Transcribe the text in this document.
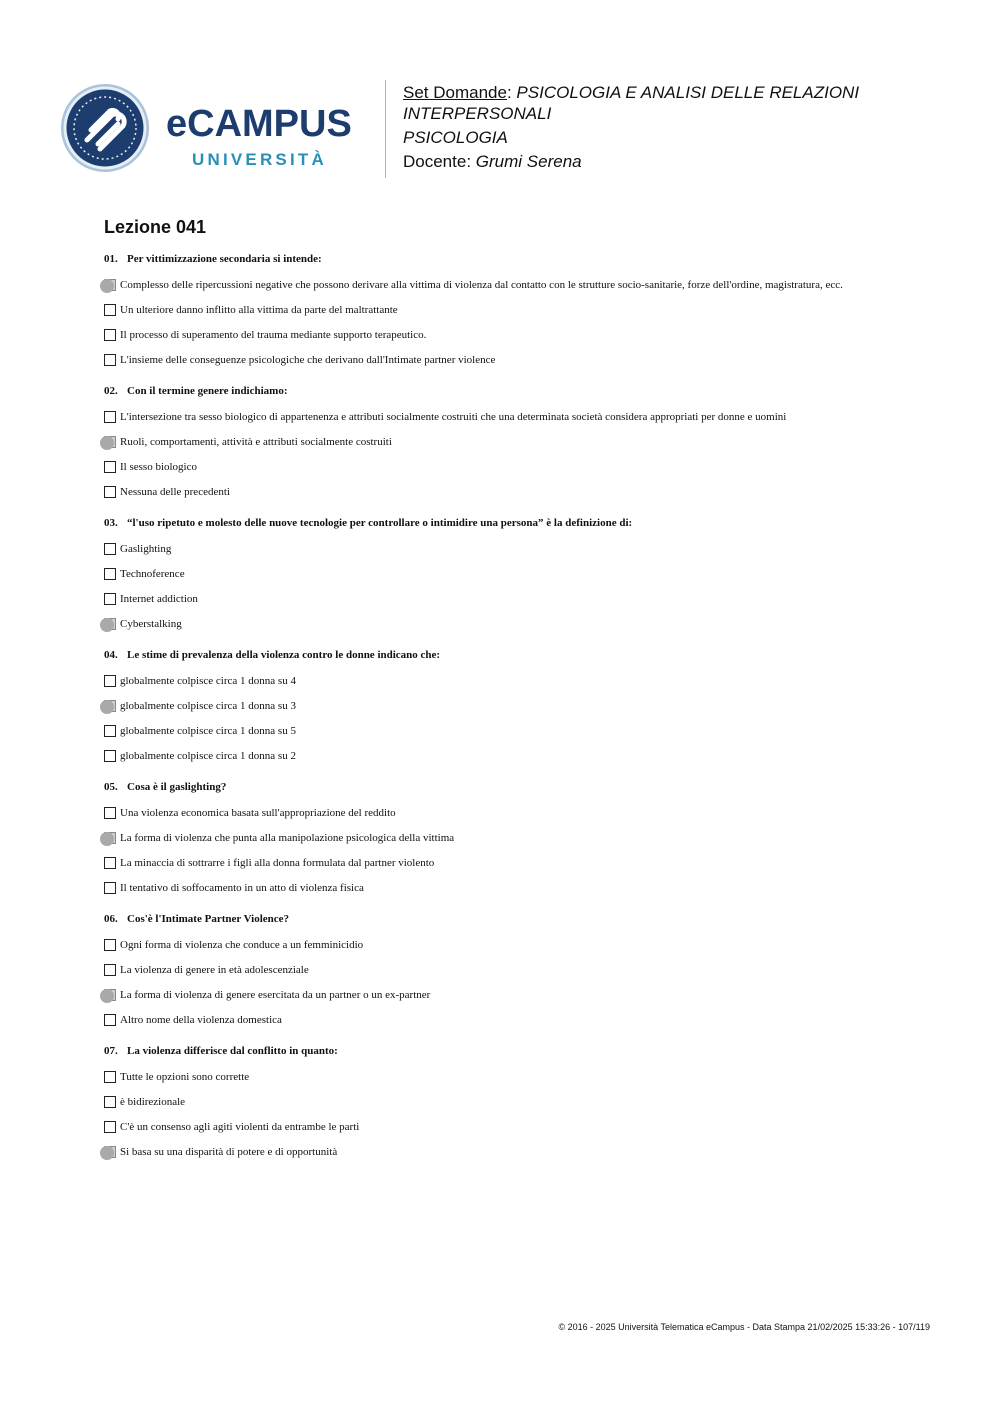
eCAMPUS
UNIVERSITÀ
Set Domande: PSICOLOGIA E ANALISI DELLE RELAZIONI
INTERPERSONALI
PSICOLOGIA
Docente: Grumi Serena
Lezione 041
01. Per vittimizzazione secondaria si intende:
Complesso delle ripercussioni negative che possono derivare alla vittima di violenza dal contatto con le strutture socio-sanitarie, forze dell'ordine, magistratura, ecc.
Un ulteriore danno inflitto alla vittima da parte del maltrattante
Il processo di superamento del trauma mediante supporto terapeutico.
L'insieme delle conseguenze psicologiche che derivano dall'Intimate partner violence
02. Con il termine genere indichiamo:
L'intersezione tra sesso biologico di appartenenza e attributi socialmente costruiti che una determinata società considera appropriati per donne e uomini
Ruoli, comportamenti, attività e attributi socialmente costruiti
Il sesso biologico
Nessuna delle precedenti
03. “l'uso ripetuto e molesto delle nuove tecnologie per controllare o intimidire una persona” è la definizione di:
Gaslighting
Technoference
Internet addiction
Cyberstalking
04. Le stime di prevalenza della violenza contro le donne indicano che:
globalmente colpisce circa 1 donna su 4
globalmente colpisce circa 1 donna su 3
globalmente colpisce circa 1 donna su 5
globalmente colpisce circa 1 donna su 2
05. Cosa è il gaslighting?
Una violenza economica basata sull'appropriazione del reddito
La forma di violenza che punta alla manipolazione psicologica della vittima
La minaccia di sottrarre i figli alla donna formulata dal partner violento
Il tentativo di soffocamento in un atto di violenza fisica
06. Cos'è l'Intimate Partner Violence?
Ogni forma di violenza che conduce a un femminicidio
La violenza di genere in età adolescenziale
La forma di violenza di genere esercitata da un partner o un ex-partner
Altro nome della violenza domestica
07. La violenza differisce dal conflitto in quanto:
Tutte le opzioni sono corrette
è bidirezionale
C'è un consenso agli agiti violenti da entrambe le parti
Si basa su una disparità di potere e di opportunità
© 2016 - 2025 Università Telematica eCampus - Data Stampa 21/02/2025 15:33:26 - 107/119
